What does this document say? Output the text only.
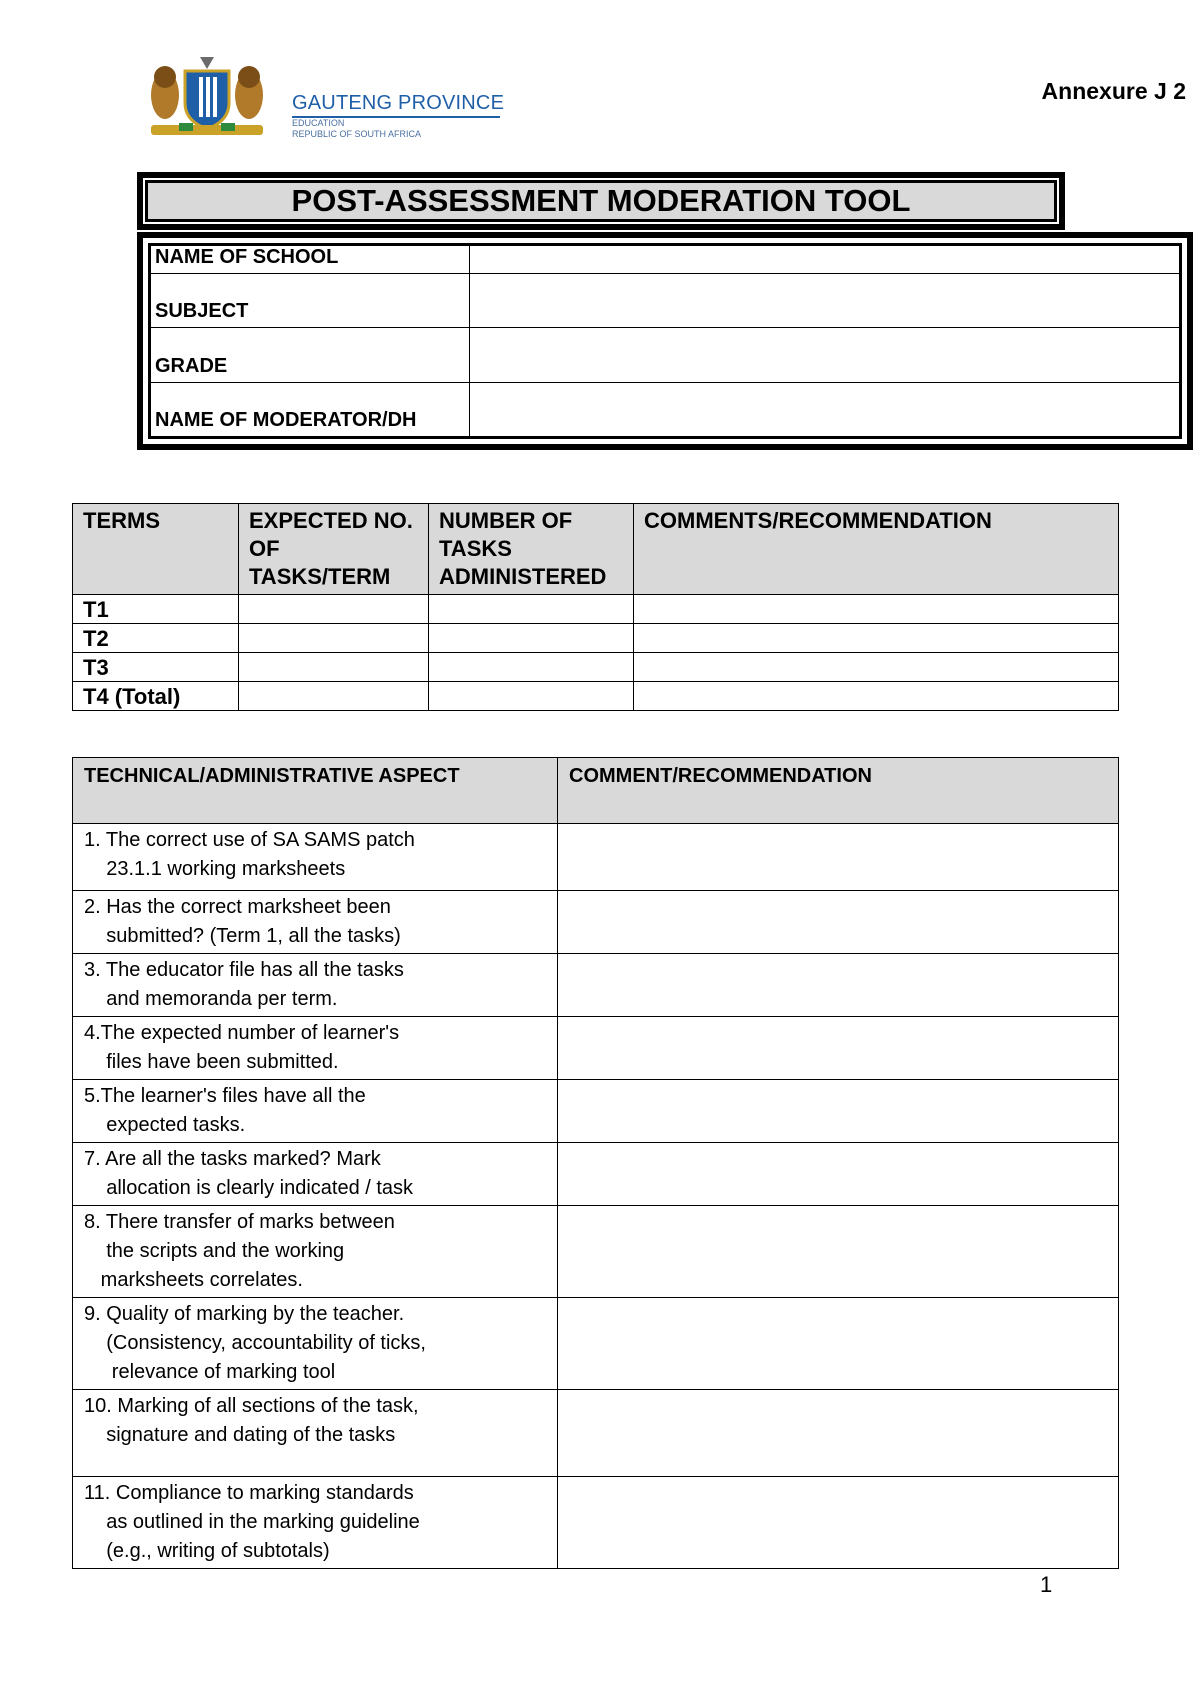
GAUTENG PROVINCE
EDUCATION
REPUBLIC OF SOUTH AFRICA
Annexure J 2
POST-ASSESSMENT MODERATION TOOL
NAME OF SCHOOL	
SUBJECT	
GRADE	
NAME OF MODERATOR/DH	
TERMS	EXPECTED NO. OF TASKS/TERM	NUMBER OF TASKS ADMINISTERED	COMMENTS/RECOMMENDATION
T1			
T2			
T3			
T4 (Total)			
TECHNICAL/ADMINISTRATIVE ASPECT	COMMENT/RECOMMENDATION
1. The correct use of SA SAMS patch
23.1.1 working marksheets	
2. Has the correct marksheet been
submitted? (Term 1, all the tasks)	
3. The educator file has all the tasks
and memoranda per term.	
4.The expected number of learner's
files have been submitted.	
5.The learner's files have all the
expected tasks.	
7. Are all the tasks marked? Mark
allocation is clearly indicated / task	
8. There transfer of marks between
the scripts and the working
marksheets correlates.	
9. Quality of marking by the teacher.
(Consistency, accountability of ticks,
relevance of marking tool	
10. Marking of all sections of the task,
signature and dating of the tasks	
11. Compliance to marking standards
as outlined in the marking guideline
(e.g., writing of subtotals)	
1
